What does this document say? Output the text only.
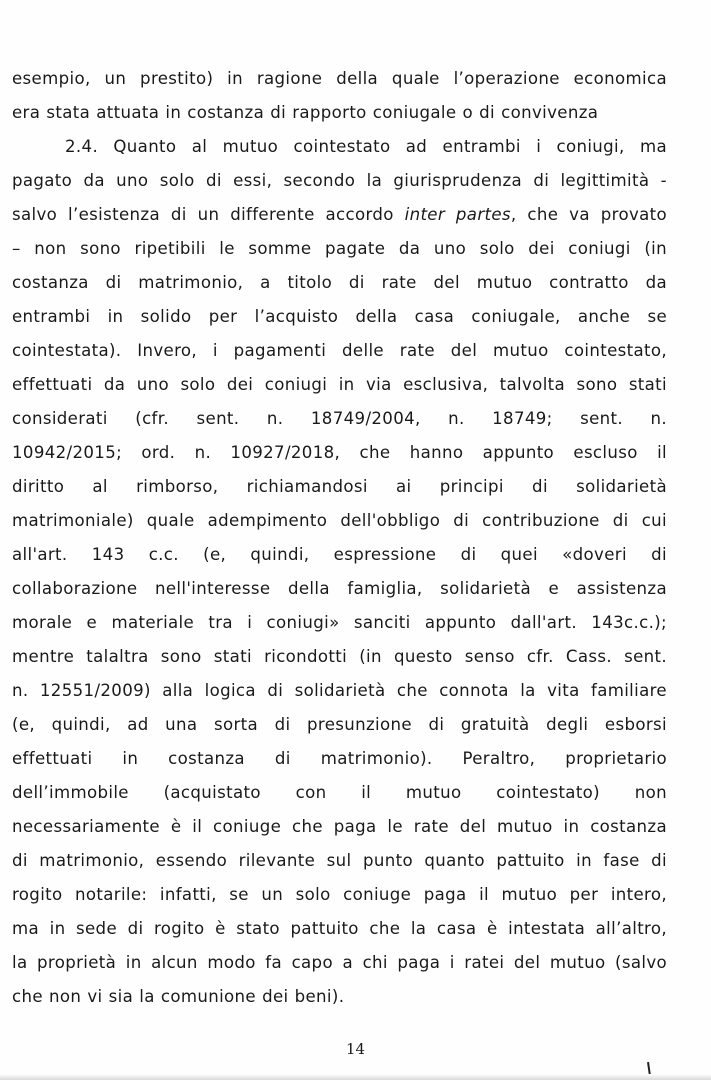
esempio, un prestito) in ragione della quale l’operazione economica
era stata attuata in costanza di rapporto coniugale o di convivenza
2.4. Quanto al mutuo cointestato ad entrambi i coniugi, ma
pagato da uno solo di essi, secondo la giurisprudenza di legittimità -
salvo l’esistenza di un differente accordo inter partes, che va provato
– non sono ripetibili le somme pagate da uno solo dei coniugi (in
costanza di matrimonio, a titolo di rate del mutuo contratto da
entrambi in solido per l’acquisto della casa coniugale, anche se
cointestata). Invero, i pagamenti delle rate del mutuo cointestato,
effettuati da uno solo dei coniugi in via esclusiva, talvolta sono stati
considerati (cfr. sent. n. 18749/2004, n. 18749; sent. n.
10942/2015; ord. n. 10927/2018, che hanno appunto escluso il
diritto al rimborso, richiamandosi ai principi di solidarietà
matrimoniale) quale adempimento dell'obbligo di contribuzione di cui
all'art. 143 c.c. (e, quindi, espressione di quei «doveri di
collaborazione nell'interesse della famiglia, solidarietà e assistenza
morale e materiale tra i coniugi» sanciti appunto dall'art. 143c.c.);
mentre talaltra sono stati ricondotti (in questo senso cfr. Cass. sent.
n. 12551/2009) alla logica di solidarietà che connota la vita familiare
(e, quindi, ad una sorta di presunzione di gratuità degli esborsi
effettuati in costanza di matrimonio). Peraltro, proprietario
dell’immobile (acquistato con il mutuo cointestato) non
necessariamente è il coniuge che paga le rate del mutuo in costanza
di matrimonio, essendo rilevante sul punto quanto pattuito in fase di
rogito notarile: infatti, se un solo coniuge paga il mutuo per intero,
ma in sede di rogito è stato pattuito che la casa è intestata all’altro,
la proprietà in alcun modo fa capo a chi paga i ratei del mutuo (salvo
che non vi sia la comunione dei beni).
14
